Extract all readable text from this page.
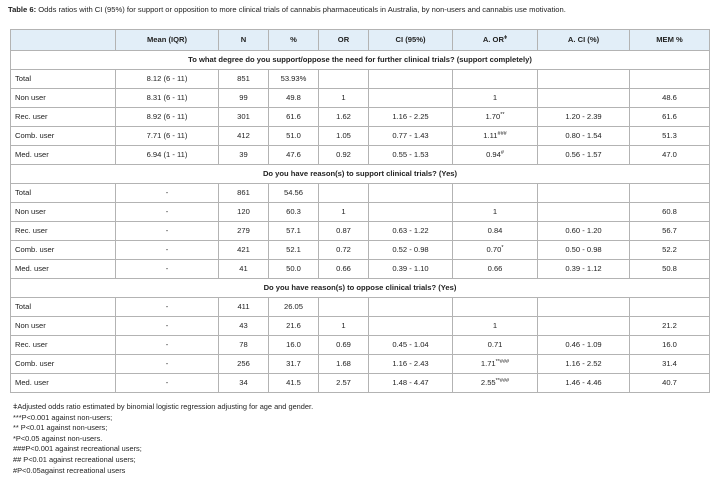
Table 6: Odds ratios with CI (95%) for support or opposition to more clinical trials of cannabis pharmaceuticals in Australia, by non-users and cannabis use motivation.
	Mean (IQR)	N	%	OR	CI (95%)	A. $OR^ǂ$	A. CI (%)	MEM %
To what degree do you support/oppose the need for further clinical trials? (support completely)								
Total	8.12 (6 - 11)	851	53.93%					
Non user	8.31 (6 - 11)	99	49.8	1		1		48.6
Rec. user	8.92 (6 - 11)	301	61.6	1.62	1.16 - 2.25	1.70**	1.20 - 2.39	61.6
Comb. user	7.71 (6 - 11)	412	51.0	1.05	0.77 - 1.43	1.11###	0.80 - 1.54	51.3
Med. user	6.94 (1 - 11)	39	47.6	0.92	0.55 - 1.53	0.94#	0.56 - 1.57	47.0
Do you have reason(s) to support clinical trials? (Yes)								
Total	-	861	54.56					
Non user	-	120	60.3	1		1		60.8
Rec. user	-	279	57.1	0.87	0.63 - 1.22	0.84	0.60 - 1.20	56.7
Comb. user	-	421	52.1	0.72	0.52 - 0.98	0.70*	0.50 - 0.98	52.2
Med. user	-	41	50.0	0.66	0.39 - 1.10	0.66	0.39 - 1.12	50.8
Do you have reason(s) to oppose clinical trials? (Yes)								
Total	-	411	26.05					
Non user	-	43	21.6	1		1		21.2
Rec. user	-	78	16.0	0.69	0.45 - 1.04	0.71	0.46 - 1.09	16.0
Comb. user	-	256	31.7	1.68	1.16 - 2.43	1.71**###	1.16 - 2.52	31.4
Med. user	-	34	41.5	2.57	1.48 - 4.47	2.55**###	1.46 - 4.46	40.7
ǂAdjusted odds ratio estimated by binomial logistic regression adjusting for age and gender.
***P<0.001 against non-users;
** P<0.01 against non-users;
*P<0.05 against non-users.
###P<0.001 against recreational users;
## P<0.01 against recreational users;
#P<0.05against recreational users
